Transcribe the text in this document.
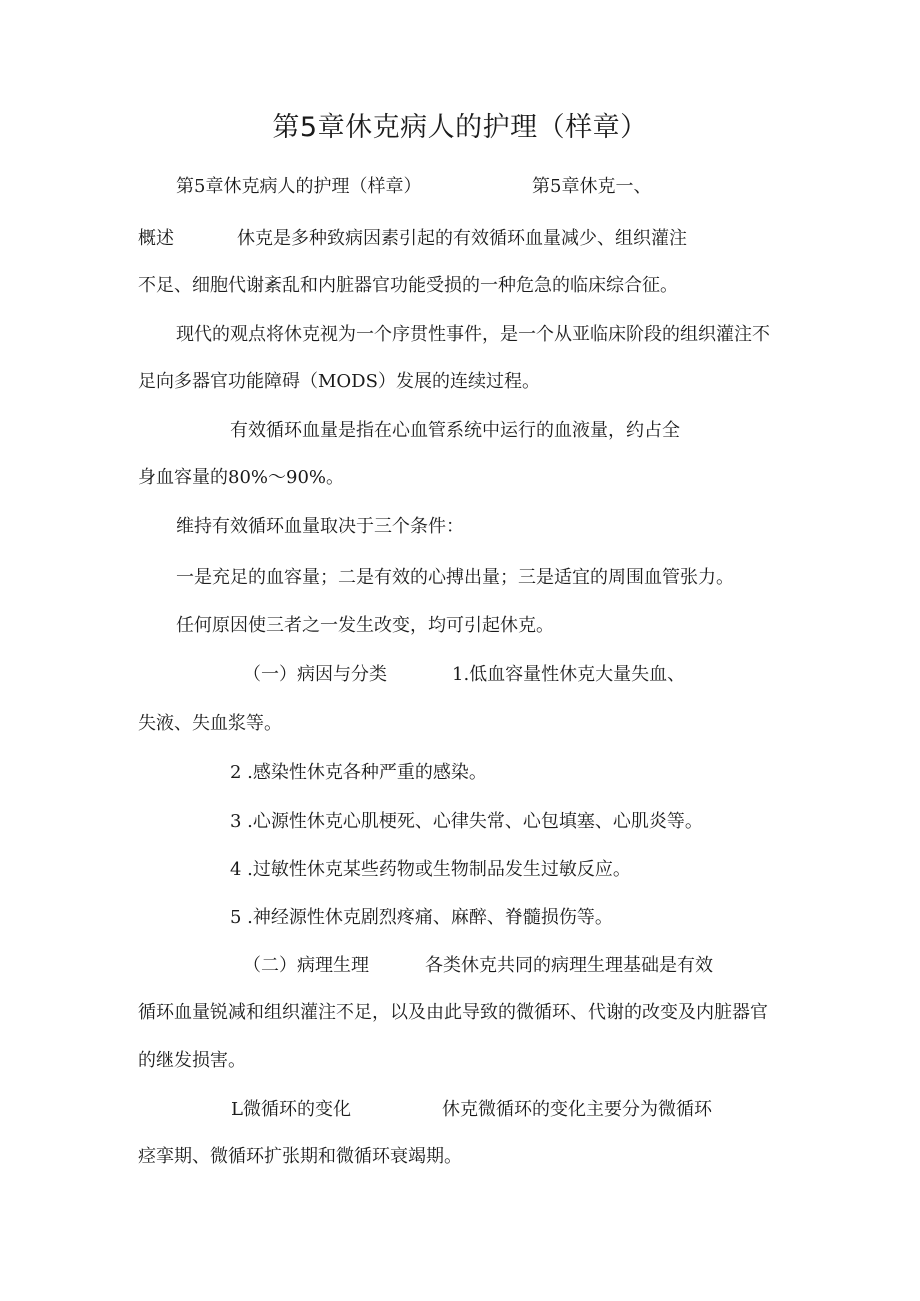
第5章休克病人的护理（样章）

第5章休克病人的护理（样章）	第5章休克一、

概述	休克是多种致病因素引起的有效循环血量减少、组织灌注

不足、细胞代谢紊乱和内脏器官功能受损的一种危急的临床综合征。

现代的观点将休克视为一个序贯性事件，是一个从亚临床阶段的组织灌注不

足向多器官功能障碍（MODS）发展的连续过程。

有效循环血量是指在心血管系统中运行的血液量，约占全

身血容量的80%～90%。

维持有效循环血量取决于三个条件：

一是充足的血容量；二是有效的心搏出量；三是适宜的周围血管张力。

任何原因使三者之一发生改变，均可引起休克。

（一）病因与分类	1.低血容量性休克大量失血、

失液、失血浆等。

2 .感染性休克各种严重的感染。

3 .心源性休克心肌梗死、心律失常、心包填塞、心肌炎等。

4 .过敏性休克某些药物或生物制品发生过敏反应。

5 .神经源性休克剧烈疼痛、麻醉、脊髓损伤等。

（二）病理生理	各类休克共同的病理生理基础是有效

循环血量锐减和组织灌注不足，以及由此导致的微循环、代谢的改变及内脏器官

的继发损害。

L微循环的变化	休克微循环的变化主要分为微循环

痉挛期、微循环扩张期和微循环衰竭期。
